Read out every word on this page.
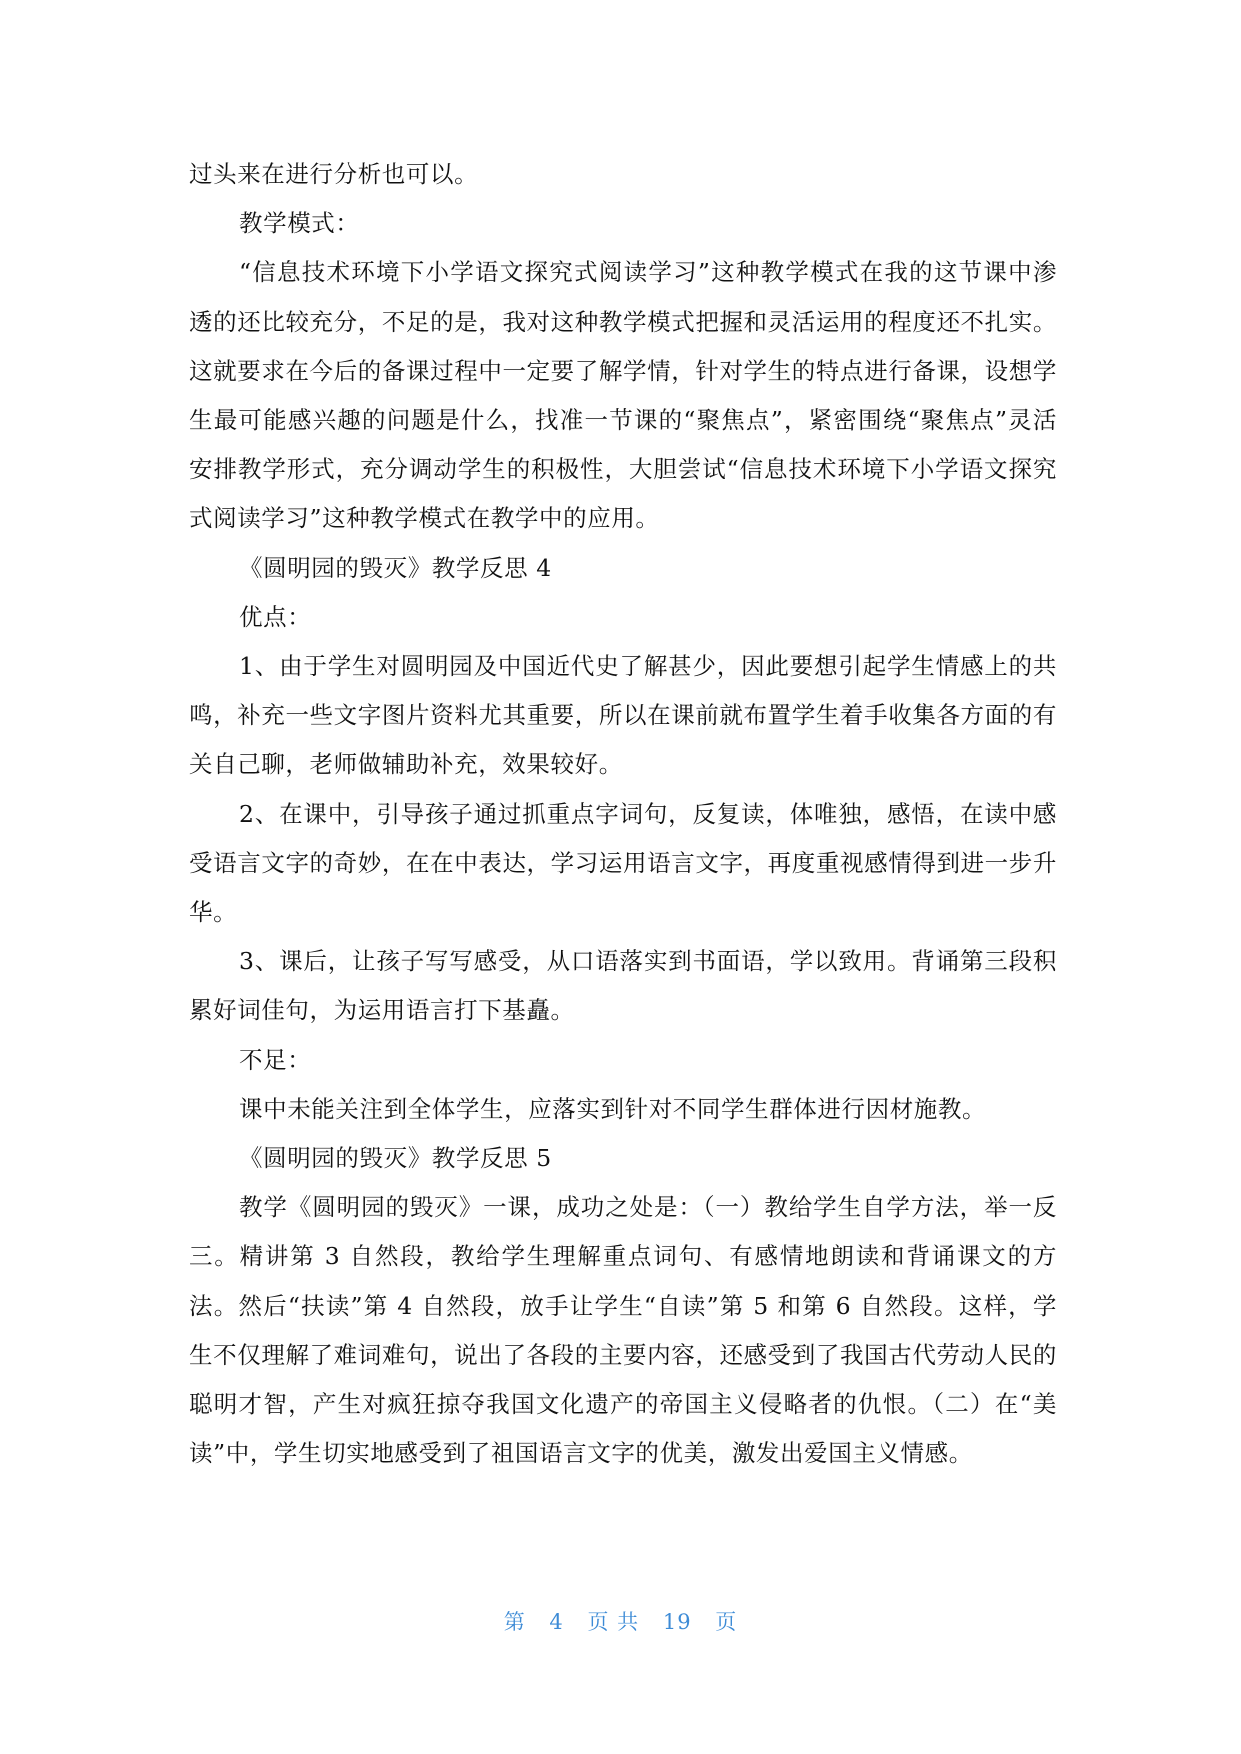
过头来在进行分析也可以。

教学模式：

“信息技术环境下小学语文探究式阅读学习”这种教学模式在我的这节课中渗透的还比较充分，不足的是，我对这种教学模式把握和灵活运用的程度还不扎实。这就要求在今后的备课过程中一定要了解学情，针对学生的特点进行备课，设想学生最可能感兴趣的问题是什么，找准一节课的“聚焦点”，紧密围绕“聚焦点”灵活安排教学形式，充分调动学生的积极性，大胆尝试“信息技术环境下小学语文探究式阅读学习”这种教学模式在教学中的应用。

《圆明园的毁灭》教学反思 4

优点：

1、由于学生对圆明园及中国近代史了解甚少，因此要想引起学生情感上的共鸣，补充一些文字图片资料尤其重要，所以在课前就布置学生着手收集各方面的有关自己聊，老师做辅助补充，效果较好。

2、在课中，引导孩子通过抓重点字词句，反复读，体唯独，感悟，在读中感受语言文字的奇妙，在在中表达，学习运用语言文字，再度重视感情得到进一步升华。

3、课后，让孩子写写感受，从口语落实到书面语，学以致用。背诵第三段积累好词佳句，为运用语言打下基矗。

不足：

课中未能关注到全体学生，应落实到针对不同学生群体进行因材施教。

《圆明园的毁灭》教学反思 5

教学《圆明园的毁灭》一课，成功之处是：（一）教给学生自学方法，举一反三。精讲第 3 自然段，教给学生理解重点词句、有感情地朗读和背诵课文的方法。然后“扶读”第 4 自然段，放手让学生“自读”第 5 和第 6 自然段。这样，学生不仅理解了难词难句，说出了各段的主要内容，还感受到了我国古代劳动人民的聪明才智，产生对疯狂掠夺我国文化遗产的帝国主义侵略者的仇恨。（二）在“美读”中，学生切实地感受到了祖国语言文字的优美，激发出爱国主义情感。

第 4 页 共 19 页
